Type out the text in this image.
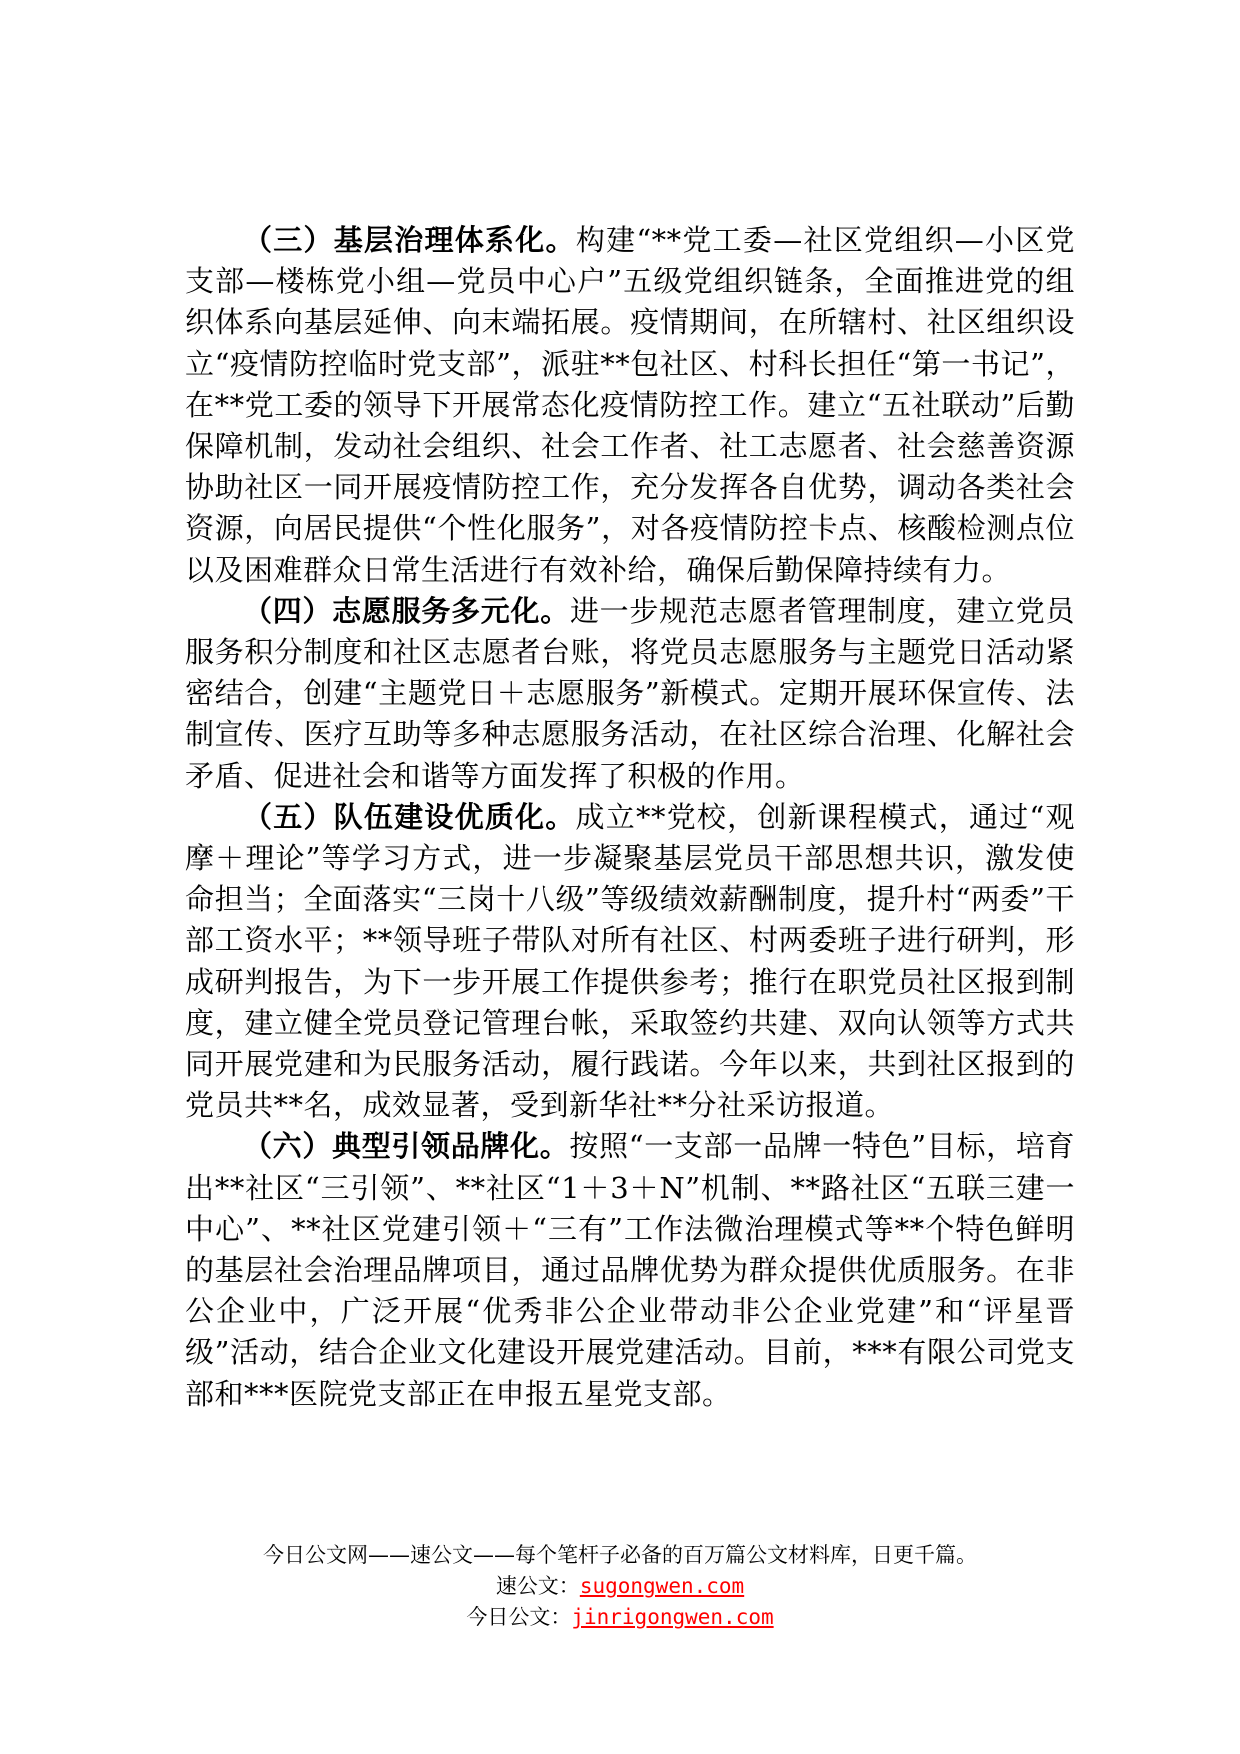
（三）基层治理体系化。构建“**党工委—社区党组织—小区党支部—楼栋党小组—党员中心户”五级党组织链条，全面推进党的组织体系向基层延伸、向末端拓展。疫情期间，在所辖村、社区组织设立“疫情防控临时党支部”，派驻**包社区、村科长担任“第一书记”，在**党工委的领导下开展常态化疫情防控工作。建立“五社联动”后勤保障机制，发动社会组织、社会工作者、社工志愿者、社会慈善资源协助社区一同开展疫情防控工作，充分发挥各自优势，调动各类社会资源，向居民提供“个性化服务”，对各疫情防控卡点、核酸检测点位以及困难群众日常生活进行有效补给，确保后勤保障持续有力。

（四）志愿服务多元化。进一步规范志愿者管理制度，建立党员服务积分制度和社区志愿者台账，将党员志愿服务与主题党日活动紧密结合，创建“主题党日＋志愿服务”新模式。定期开展环保宣传、法制宣传、医疗互助等多种志愿服务活动，在社区综合治理、化解社会矛盾、促进社会和谐等方面发挥了积极的作用。

（五）队伍建设优质化。成立**党校，创新课程模式，通过“观摩＋理论”等学习方式，进一步凝聚基层党员干部思想共识，激发使命担当；全面落实“三岗十八级”等级绩效薪酬制度，提升村“两委”干部工资水平；**领导班子带队对所有社区、村两委班子进行研判，形成研判报告，为下一步开展工作提供参考；推行在职党员社区报到制度，建立健全党员登记管理台帐，采取签约共建、双向认领等方式共同开展党建和为民服务活动，履行践诺。今年以来，共到社区报到的党员共**名，成效显著，受到新华社**分社采访报道。

（六）典型引领品牌化。按照“一支部一品牌一特色”目标，培育出**社区“三引领”、**社区“1＋3＋N”机制、**路社区“五联三建一中心”、**社区党建引领＋“三有”工作法微治理模式等**个特色鲜明的基层社会治理品牌项目，通过品牌优势为群众提供优质服务。在非公企业中，广泛开展“优秀非公企业带动非公企业党建”和“评星晋级”活动，结合企业文化建设开展党建活动。目前，***有限公司党支部和***医院党支部正在申报五星党支部。

今日公文网——速公文——每个笔杆子必备的百万篇公文材料库，日更千篇。
速公文：sugongwen.com
今日公文：jinrigongwen.com
